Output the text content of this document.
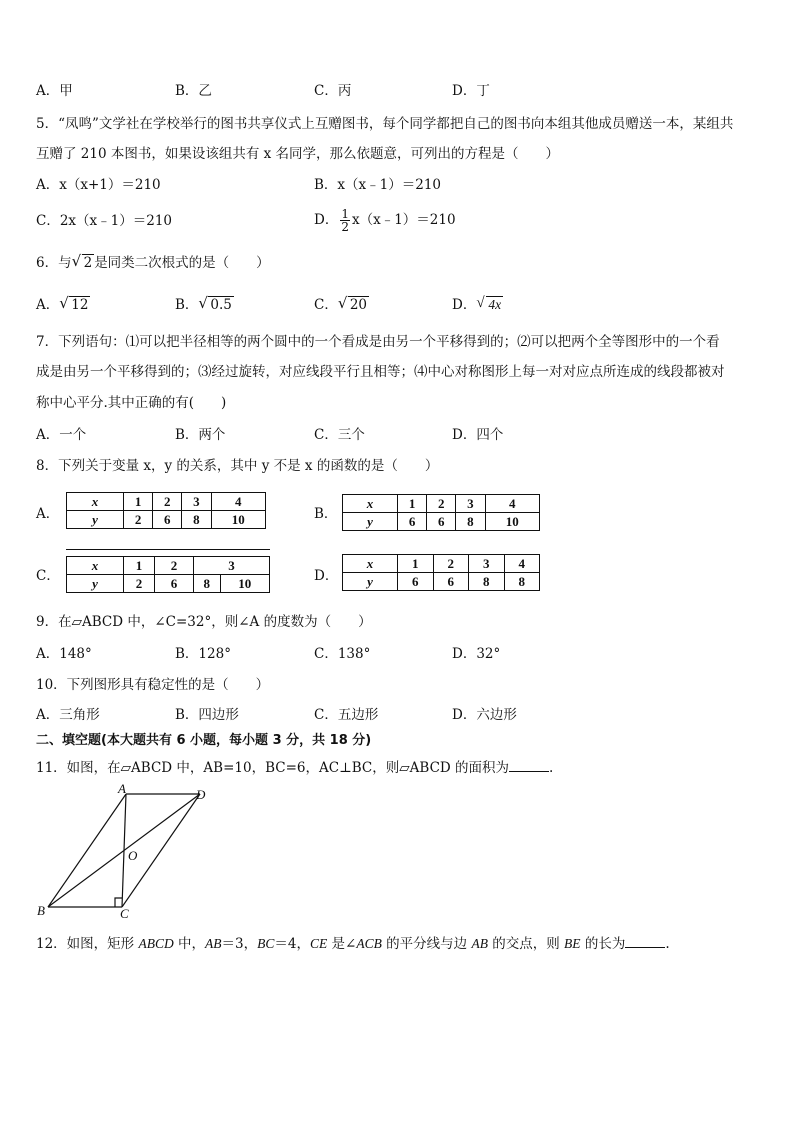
A．甲	B．乙	C．丙	D．丁
5．“凤鸣”文学社在学校举行的图书共享仪式上互赠图书，每个同学都把自己的图书向本组其他成员赠送一本，某组共
互赠了 210 本图书，如果设该组共有 x 名同学，那么依题意，可列出的方程是（　　）
A．x（x+1）＝210	B．x（x﹣1）＝210
C．2x（x﹣1）＝210	D． $\frac{1}{2}$ x（x﹣1）＝210
6．与 √ 2 是同类二次根式的是（　　）
A． √ 12	B． √ 0.5	C． √ 20	D． √ 4x
7．下列语句：⑴可以把半径相等的两个圆中的一个看成是由另一个平移得到的；⑵可以把两个全等图形中的一个看
成是由另一个平移得到的；⑶经过旋转，对应线段平行且相等；⑷中心对称图形上每一对对应点所连成的线段都被对
称中心平分.其中正确的有(　　)
A．一个	B．两个	C．三个	D．四个
8．下列关于变量 x，y 的关系，其中 y 不是 x 的函数的是（　　）
A．
x	1	2	3	4
y	2	6	8	10	B．
x	1	2	3	4
y	6	6	8	10
C．
x	1	2	3	
y	2	6	8	10	D．
x	1	2	3	4
y	6	6	8	8
9．在▱ABCD 中，∠C=32°，则∠A 的度数为（　　）
A．148°	B．128°	C．138°	D．32°
10．下列图形具有稳定性的是（　　）
A．三角形	B．四边形	C．五边形	D．六边形
二、填空题(本大题共有 6 小题，每小题 3 分，共 18 分)
11．如图，在▱ABCD 中，AB=10，BC=6，AC⊥BC，则▱ABCD 的面积为	.
A	D
O
B	C
12．如图，矩形 ABCD 中，AB＝3，BC＝4，CE 是∠ACB 的平分线与边 AB 的交点，则 BE 的长为	.
